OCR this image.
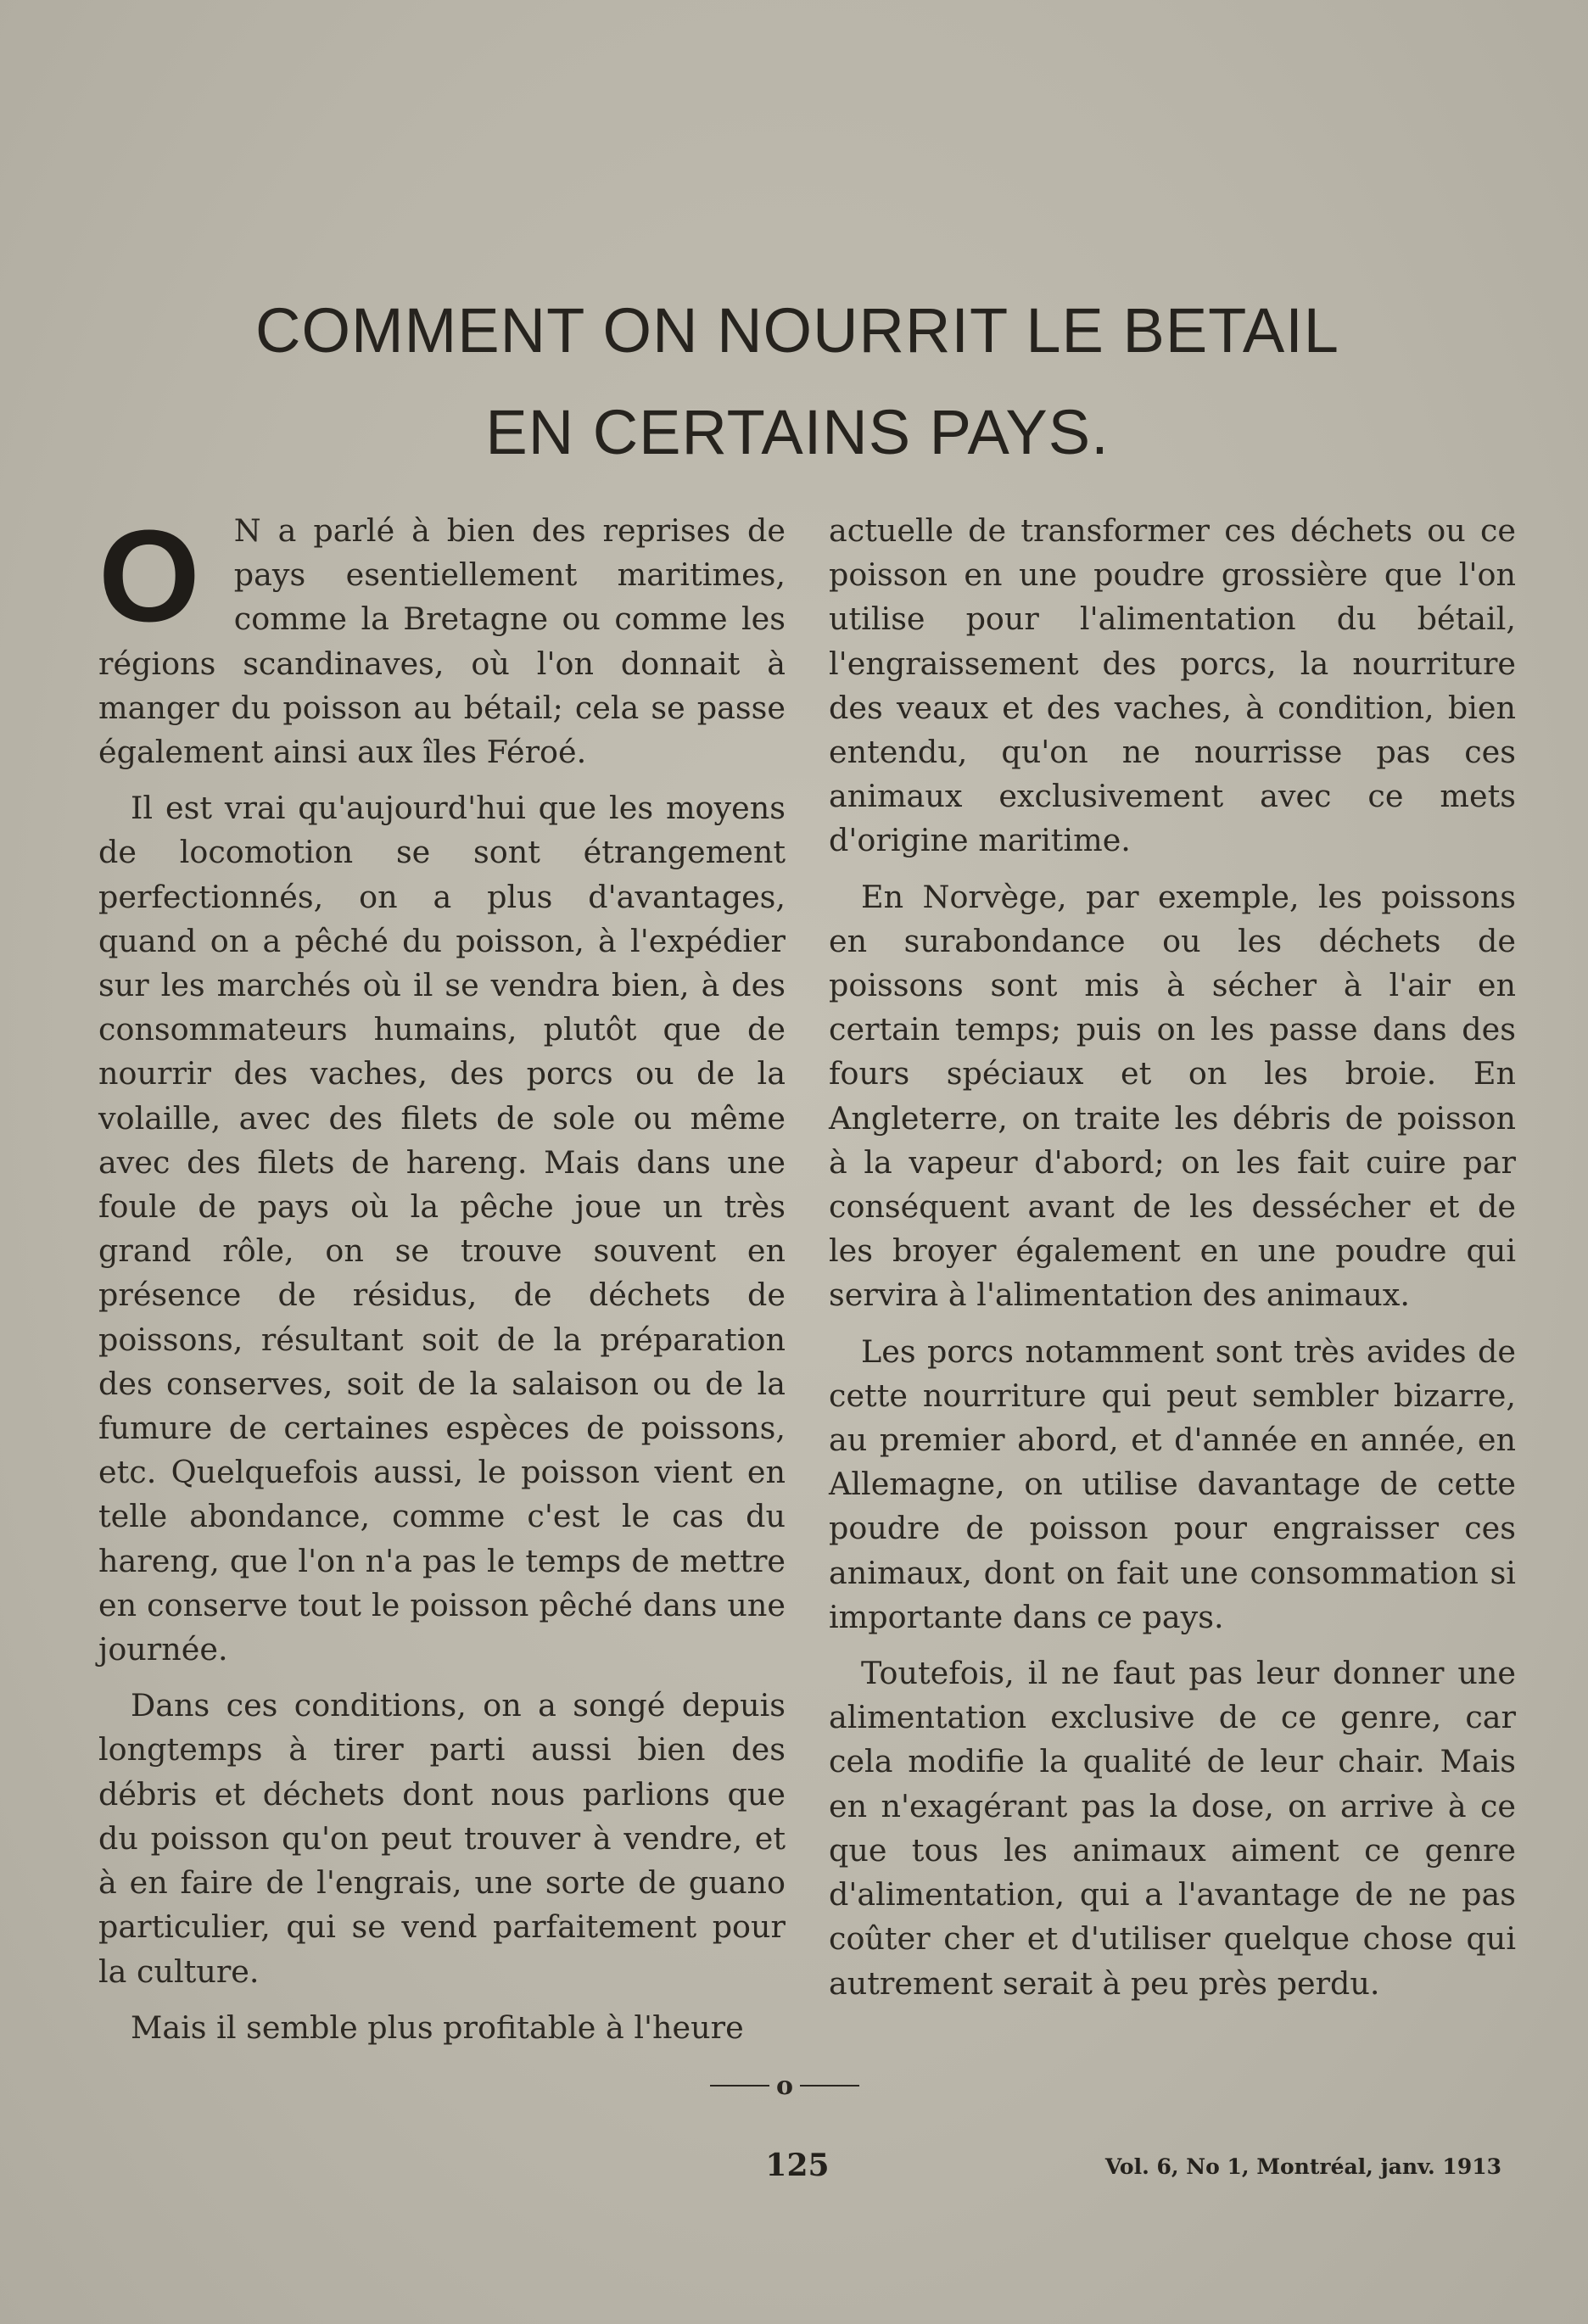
COMMENT ON NOURRIT LE BETAIL
EN CERTAINS PAYS.

O N a parlé à bien des reprises de pays esentiellement maritimes, comme la Bretagne ou comme les régions scandinaves, où l'on donnait à manger du poisson au bétail; cela se passe également ainsi aux îles Féroé.

Il est vrai qu'aujourd'hui que les moyens de locomotion se sont étrangement perfectionnés, on a plus d'avantages, quand on a pêché du poisson, à l'expédier sur les marchés où il se vendra bien, à des consommateurs humains, plutôt que de nourrir des vaches, des porcs ou de la volaille, avec des filets de sole ou même avec des filets de hareng. Mais dans une foule de pays où la pêche joue un très grand rôle, on se trouve souvent en présence de résidus, de déchets de poissons, résultant soit de la préparation des conserves, soit de la salaison ou de la fumure de certaines espèces de poissons, etc. Quelquefois aussi, le poisson vient en telle abondance, comme c'est le cas du hareng, que l'on n'a pas le temps de mettre en conserve tout le poisson pêché dans une journée.

Dans ces conditions, on a songé depuis longtemps à tirer parti aussi bien des débris et déchets dont nous parlions que du poisson qu'on peut trouver à vendre, et à en faire de l'engrais, une sorte de guano particulier, qui se vend parfaitement pour la culture.

Mais il semble plus profitable à l'heure

actuelle de transformer ces déchets ou ce poisson en une poudre grossière que l'on utilise pour l'alimentation du bétail, l'engraissement des porcs, la nourriture des veaux et des vaches, à condition, bien entendu, qu'on ne nourrisse pas ces animaux exclusivement avec ce mets d'origine maritime.

En Norvège, par exemple, les poissons en surabondance ou les déchets de poissons sont mis à sécher à l'air en certain temps; puis on les passe dans des fours spéciaux et on les broie. En Angleterre, on traite les débris de poisson à la vapeur d'abord; on les fait cuire par conséquent avant de les dessécher et de les broyer également en une poudre qui servira à l'alimentation des animaux.

Les porcs notamment sont très avides de cette nourriture qui peut sembler bizarre, au premier abord, et d'année en année, en Allemagne, on utilise davantage de cette poudre de poisson pour engraisser ces animaux, dont on fait une consommation si importante dans ce pays.

Toutefois, il ne faut pas leur donner une alimentation exclusive de ce genre, car cela modifie la qualité de leur chair. Mais en n'exagérant pas la dose, on arrive à ce que tous les animaux aiment ce genre d'alimentation, qui a l'avantage de ne pas coûter cher et d'utiliser quelque chose qui autrement serait à peu près perdu.

o
125	Vol. 6, No 1, Montréal, janv. 1913
